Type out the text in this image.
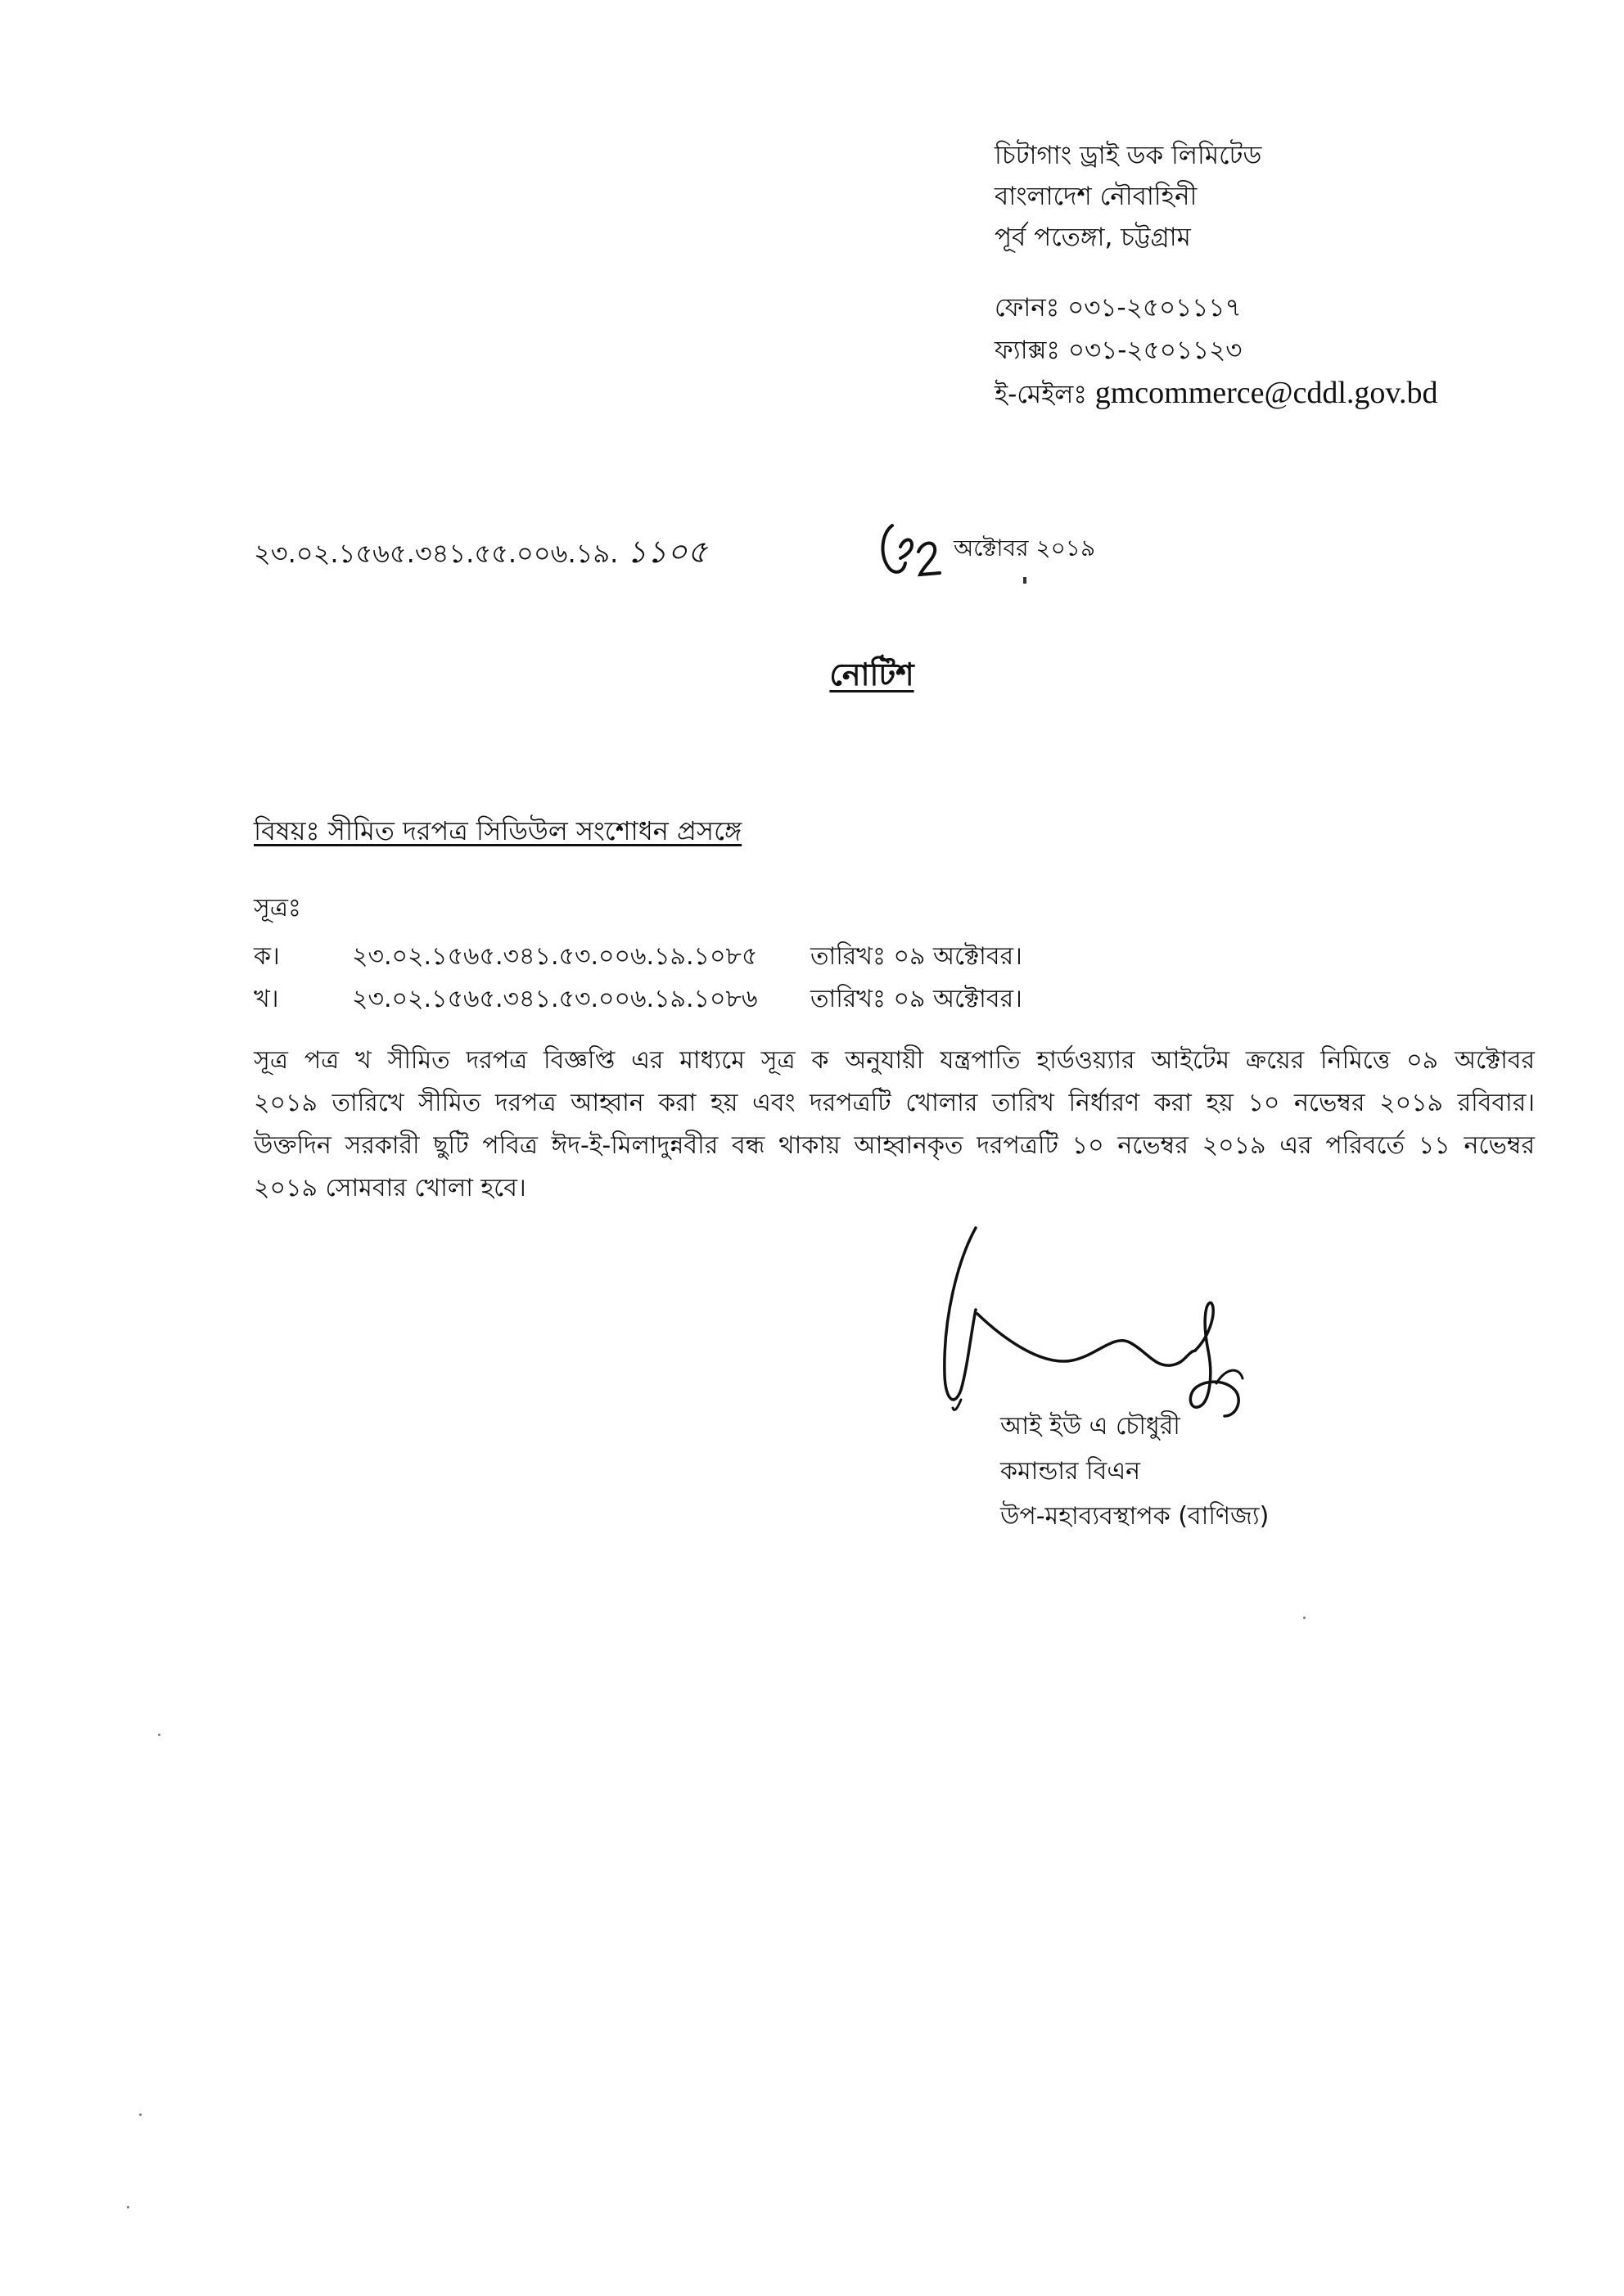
চিটাগাং ড্রাই ডক লিমিটেড
বাংলাদেশ নৌবাহিনী
পূর্ব পতেঙ্গা, চট্টগ্রাম
ফোনঃ ০৩১-২৫০১১১৭
ফ্যাক্সঃ ০৩১-২৫০১১২৩
ই-মেইলঃ gmcommerce@cddl.gov.bd
২৩.০২.১৫৬৫.৩৪১.৫৫.০০৬.১৯. ১১০৫	অক্টোবর ২০১৯
নোটিশ
বিষয়ঃ সীমিত দরপত্র সিডিউল সংশোধন প্রসঙ্গে
সূত্রঃ
ক।	২৩.০২.১৫৬৫.৩৪১.৫৩.০০৬.১৯.১০৮৫	তারিখঃ ০৯ অক্টোবর।
খ।	২৩.০২.১৫৬৫.৩৪১.৫৩.০০৬.১৯.১০৮৬	তারিখঃ ০৯ অক্টোবর।
সূত্র পত্র খ সীমিত দরপত্র বিজ্ঞপ্তি এর মাধ্যমে সূত্র ক অনুযায়ী যন্ত্রপাতি হার্ডওয়্যার আইটেম ক্রয়ের নিমিত্তে ০৯ অক্টোবর
২০১৯ তারিখে সীমিত দরপত্র আহ্বান করা হয় এবং দরপত্রটি খোলার তারিখ নির্ধারণ করা হয় ১০ নভেম্বর ২০১৯ রবিবার।
উক্তদিন সরকারী ছুটি পবিত্র ঈদ-ই-মিলাদুন্নবীর বন্ধ থাকায় আহ্বানকৃত দরপত্রটি ১০ নভেম্বর ২০১৯ এর পরিবর্তে ১১ নভেম্বর
২০১৯ সোমবার খোলা হবে।
আই ইউ এ চৌধুরী
কমান্ডার বিএন
উপ-মহাব্যবস্থাপক (বাণিজ্য)
